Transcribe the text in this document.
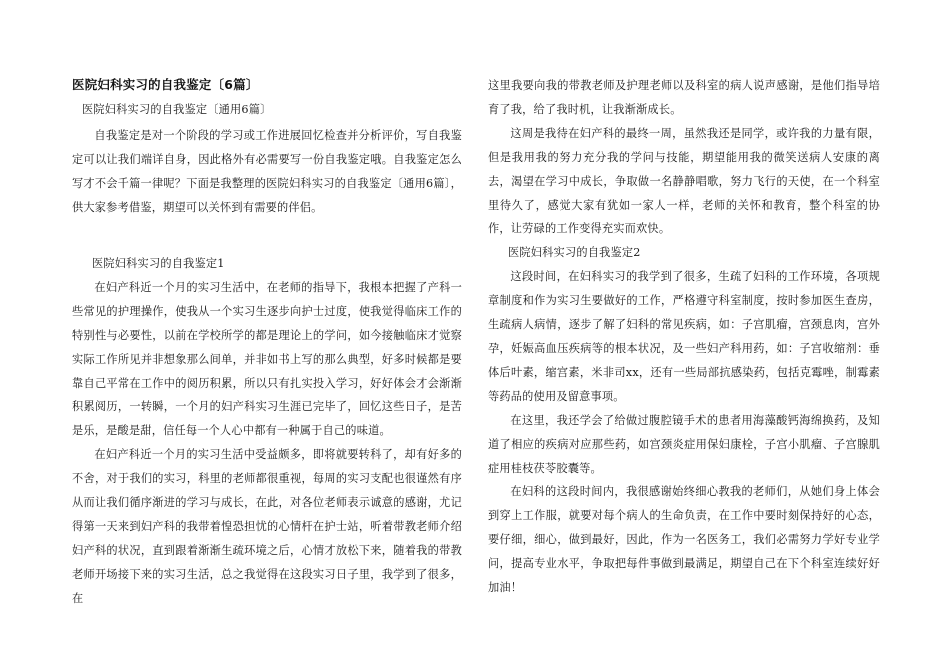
医院妇科实习的自我鉴定〔6篇〕

医院妇科实习的自我鉴定〔通用6篇〕

自我鉴定是对一个阶段的学习或工作进展回忆检查并分析评价，写自我鉴定可以让我们端详自身，因此格外有必需要写一份自我鉴定哦。自我鉴定怎么写才不会千篇一律呢？下面是我整理的医院妇科实习的自我鉴定〔通用6篇〕，供大家参考借鉴，期望可以关怀到有需要的伴侣。

医院妇科实习的自我鉴定1

在妇产科近一个月的实习生活中，在老师的指导下，我根本把握了产科一些常见的护理操作，使我从一个实习生逐步向护士过度，使我觉得临床工作的特别性与必要性，以前在学校所学的都是理论上的学问，如今接触临床才觉察实际工作所见并非想象那么间单，并非如书上写的那么典型，好多时候都是要靠自己平常在工作中的阅历积累，所以只有扎实投入学习，好好体会才会渐渐积累阅历，一转瞬，一个月的妇产科实习生涯已完毕了，回忆这些日子，是苦是乐，是酸是甜，信任每一个人心中都有一种属于自己的味道。

在妇产科近一个月的实习生活中受益颇多，即将就要转科了，却有好多的不舍，对于我们的实习，科里的老师都很重视，每周的实习支配也很谨然有序从而让我们循序渐进的学习与成长，在此，对各位老师表示诚意的感谢，尤记得第一天来到妇产科的我带着惶恐担忧的心情杆在护士站，听着带教老师介绍妇产科的状况，直到跟着渐渐生疏环境之后，心情才放松下来，随着我的带教老师开场接下来的实习生活，总之我觉得在这段实习日子里，我学到了很多，在

这里我要向我的带教老师及护理老师以及科室的病人说声感谢，是他们指导培育了我，给了我时机，让我渐渐成长。

这周是我待在妇产科的最终一周，虽然我还是同学，或许我的力量有限，但是我用我的努力充分我的学问与技能，期望能用我的微笑送病人安康的离去，渴望在学习中成长，争取做一名静静唱歌，努力飞行的天使，在一个科室里待久了，感觉大家有犹如一家人一样，老师的关怀和教育，整个科室的协作，让劳碌的工作变得充实而欢快。

医院妇科实习的自我鉴定2

这段时间，在妇科实习的我学到了很多，生疏了妇科的工作环境，各项规章制度和作为实习生要做好的工作，严格遵守科室制度，按时参加医生查房，生疏病人病情，逐步了解了妇科的常见疾病，如：子宫肌瘤，宫颈息肉，宫外孕，妊娠高血压疾病等的根本状况，及一些妇产科用药，如：子宫收缩剂：垂体后叶素，缩宫素，米非司xx，还有一些局部抗感染药，包括克霉唑，制霉素等药品的使用及留意事项。

在这里，我还学会了给做过腹腔镜手术的患者用海藻酸钙海绵换药，及知道了相应的疾病对应那些药，如宫颈炎症用保妇康栓，子宫小肌瘤、子宫腺肌症用桂枝茯苓胶囊等。

在妇科的这段时间内，我很感谢始终细心教我的老师们，从她们身上体会到穿上工作服，就要对每个病人的生命负责，在工作中要时刻保持好的心态，要仔细，细心，做到最好，因此，作为一名医务工，我们必需努力学好专业学问，提高专业水平，争取把每件事做到最满足，期望自己在下个科室连续好好加油！
